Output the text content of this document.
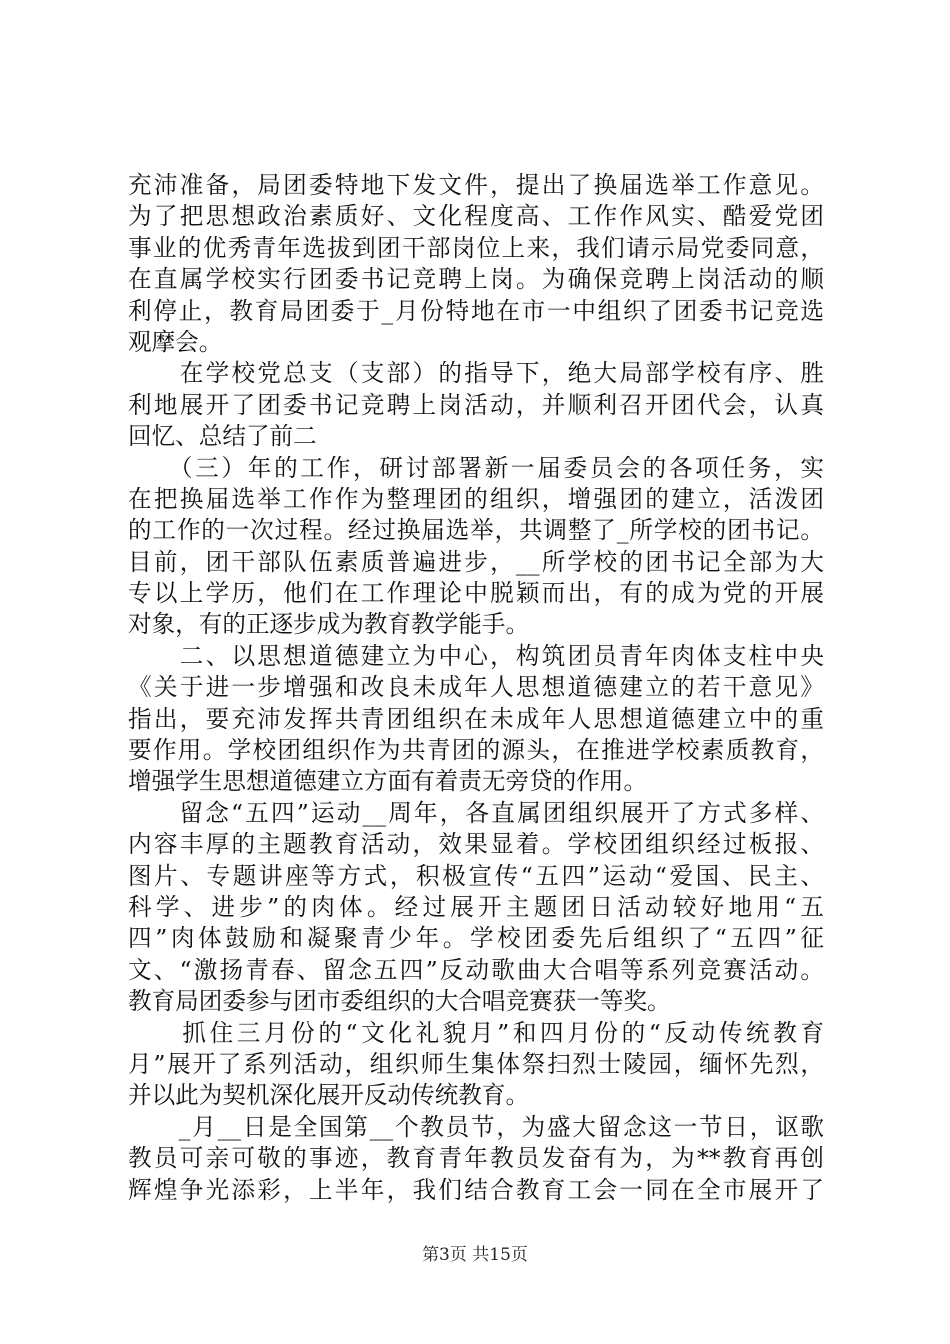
充沛准备，局团委特地下发文件，提出了换届选举工作意见。
为了把思想政治素质好、文化程度高、工作作风实、酷爱党团
事业的优秀青年选拔到团干部岗位上来，我们请示局党委同意，
在直属学校实行团委书记竞聘上岗。为确保竞聘上岗活动的顺
利停止，教育局团委于_月份特地在市一中组织了团委书记竞选
观摩会。
　　在学校党总支（支部）的指导下，绝大局部学校有序、胜
利地展开了团委书记竞聘上岗活动，并顺利召开团代会，认真
回忆、总结了前二
　　（三）年的工作，研讨部署新一届委员会的各项任务，实
在把换届选举工作作为整理团的组织，增强团的建立，活泼团
的工作的一次过程。经过换届选举，共调整了_所学校的团书记。
目前，团干部队伍素质普遍进步，__所学校的团书记全部为大
专以上学历，他们在工作理论中脱颖而出，有的成为党的开展
对象，有的正逐步成为教育教学能手。
　　二、以思想道德建立为中心，构筑团员青年肉体支柱中央
《关于进一步增强和改良未成年人思想道德建立的若干意见》
指出，要充沛发挥共青团组织在未成年人思想道德建立中的重
要作用。学校团组织作为共青团的源头，在推进学校素质教育，
增强学生思想道德建立方面有着责无旁贷的作用。
　　留念“五四”运动__周年，各直属团组织展开了方式多样、
内容丰厚的主题教育活动，效果显着。学校团组织经过板报、
图片、专题讲座等方式，积极宣传“五四”运动“爱国、民主、
科学、进步”的肉体。经过展开主题团日活动较好地用“五
四”肉体鼓励和凝聚青少年。学校团委先后组织了“五四”征
文、“激扬青春、留念五四”反动歌曲大合唱等系列竞赛活动。
教育局团委参与团市委组织的大合唱竞赛获一等奖。
　　抓住三月份的“文化礼貌月”和四月份的“反动传统教育
月”展开了系列活动，组织师生集体祭扫烈士陵园，缅怀先烈，
并以此为契机深化展开反动传统教育。
　　_月__日是全国第__个教员节，为盛大留念这一节日，讴歌
教员可亲可敬的事迹，教育青年教员发奋有为，为**教育再创
辉煌争光添彩，上半年，我们结合教育工会一同在全市展开了
第3页 共15页
